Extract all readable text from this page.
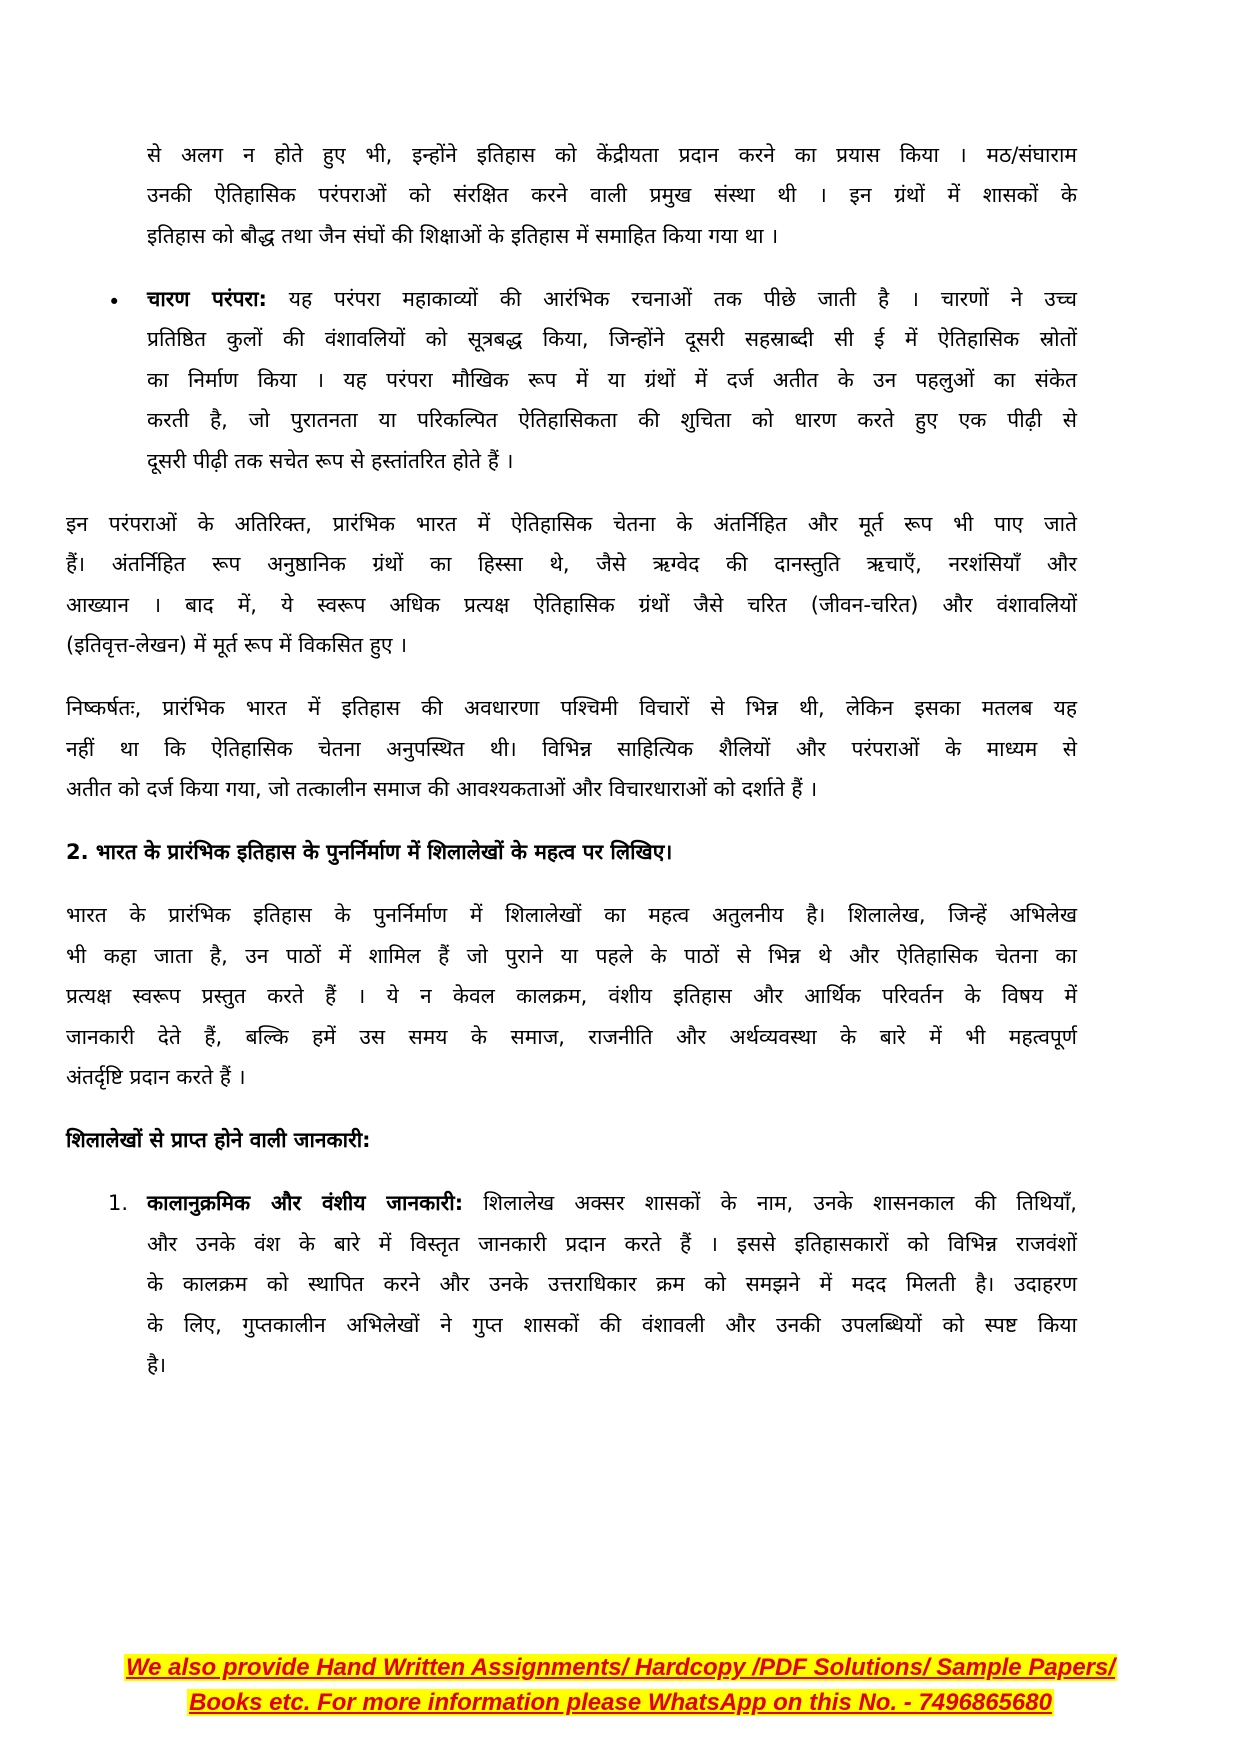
से अलग न होते हुए भी, इन्होंने इतिहास को केंद्रीयता प्रदान करने का प्रयास किया । मठ/संघाराम
उनकी ऐतिहासिक परंपराओं को संरक्षित करने वाली प्रमुख संस्था थी । इन ग्रंथों में शासकों के
इतिहास को बौद्ध तथा जैन संघों की शिक्षाओं के इतिहास में समाहित किया गया था ।
• चारण परंपरा: यह परंपरा महाकाव्यों की आरंभिक रचनाओं तक पीछे जाती है । चारणों ने उच्च
प्रतिष्ठित कुलों की वंशावलियों को सूत्रबद्ध किया, जिन्होंने दूसरी सहस्राब्दी सी ई में ऐतिहासिक स्रोतों
का निर्माण किया । यह परंपरा मौखिक रूप में या ग्रंथों में दर्ज अतीत के उन पहलुओं का संकेत
करती है, जो पुरातनता या परिकल्पित ऐतिहासिकता की शुचिता को धारण करते हुए एक पीढ़ी से
दूसरी पीढ़ी तक सचेत रूप से हस्तांतरित होते हैं ।
इन परंपराओं के अतिरिक्त, प्रारंभिक भारत में ऐतिहासिक चेतना के अंतर्निहित और मूर्त रूप भी पाए जाते
हैं। अंतर्निहित रूप अनुष्ठानिक ग्रंथों का हिस्सा थे, जैसे ऋग्वेद की दानस्तुति ऋचाएँ, नरशंसियाँ और
आख्यान । बाद में, ये स्वरूप अधिक प्रत्यक्ष ऐतिहासिक ग्रंथों जैसे चरित (जीवन-चरित) और वंशावलियों
(इतिवृत्त-लेखन) में मूर्त रूप में विकसित हुए ।
निष्कर्षतः, प्रारंभिक भारत में इतिहास की अवधारणा पश्चिमी विचारों से भिन्न थी, लेकिन इसका मतलब यह
नहीं था कि ऐतिहासिक चेतना अनुपस्थित थी। विभिन्न साहित्यिक शैलियों और परंपराओं के माध्यम से
अतीत को दर्ज किया गया, जो तत्कालीन समाज की आवश्यकताओं और विचारधाराओं को दर्शाते हैं ।
2. भारत के प्रारंभिक इतिहास के पुनर्निर्माण में शिलालेखों के महत्व पर लिखिए।
भारत के प्रारंभिक इतिहास के पुनर्निर्माण में शिलालेखों का महत्व अतुलनीय है। शिलालेख, जिन्हें अभिलेख
भी कहा जाता है, उन पाठों में शामिल हैं जो पुराने या पहले के पाठों से भिन्न थे और ऐतिहासिक चेतना का
प्रत्यक्ष स्वरूप प्रस्तुत करते हैं । ये न केवल कालक्रम, वंशीय इतिहास और आर्थिक परिवर्तन के विषय में
जानकारी देते हैं, बल्कि हमें उस समय के समाज, राजनीति और अर्थव्यवस्था के बारे में भी महत्वपूर्ण
अंतर्दृष्टि प्रदान करते हैं ।
शिलालेखों से प्राप्त होने वाली जानकारी:
1. कालानुक्रमिक और वंशीय जानकारी: शिलालेख अक्सर शासकों के नाम, उनके शासनकाल की तिथियाँ,
और उनके वंश के बारे में विस्तृत जानकारी प्रदान करते हैं । इससे इतिहासकारों को विभिन्न राजवंशों
के कालक्रम को स्थापित करने और उनके उत्तराधिकार क्रम को समझने में मदद मिलती है। उदाहरण
के लिए, गुप्तकालीन अभिलेखों ने गुप्त शासकों की वंशावली और उनकी उपलब्धियों को स्पष्ट किया
है।
We also provide Hand Written Assignments/ Hardcopy /PDF Solutions/ Sample Papers/
Books etc. For more information please WhatsApp on this No. - 7496865680
